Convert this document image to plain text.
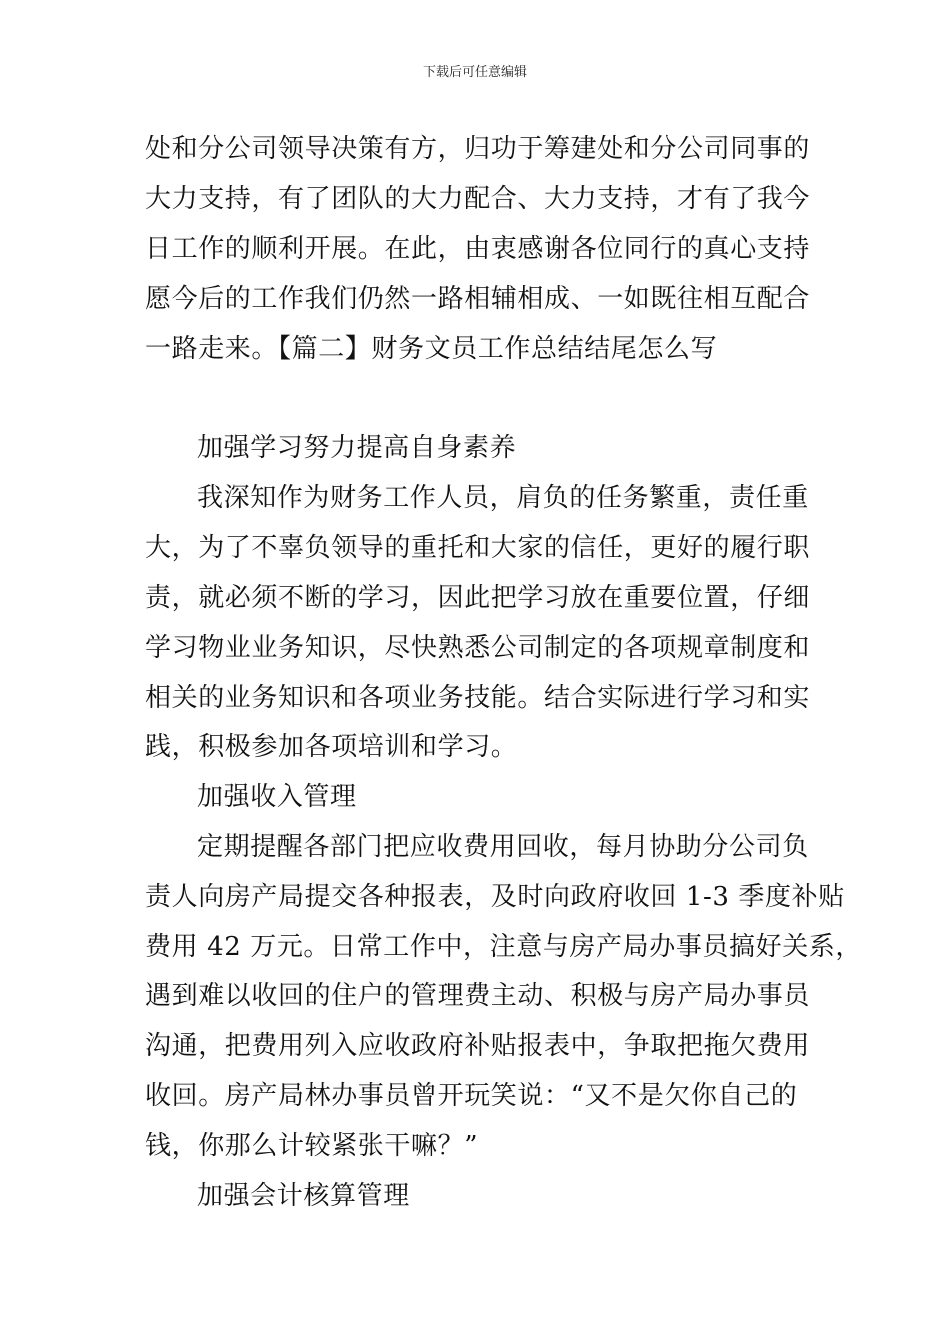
下载后可任意编辑
处和分公司领导决策有方，归功于筹建处和分公司同事的
大力支持，有了团队的大力配合、大力支持，才有了我今
日工作的顺利开展。在此，由衷感谢各位同行的真心支持
愿今后的工作我们仍然一路相辅相成、一如既往相互配合
一路走来。【篇二】财务文员工作总结结尾怎么写
加强学习努力提高自身素养
我深知作为财务工作人员，肩负的任务繁重，责任重
大，为了不辜负领导的重托和大家的信任，更好的履行职
责，就必须不断的学习，因此把学习放在重要位置，仔细
学习物业业务知识，尽快熟悉公司制定的各项规章制度和
相关的业务知识和各项业务技能。结合实际进行学习和实
践，积极参加各项培训和学习。
加强收入管理
定期提醒各部门把应收费用回收，每月协助分公司负
责人向房产局提交各种报表，及时向政府收回 1-3 季度补贴
费用 42 万元。日常工作中，注意与房产局办事员搞好关系，
遇到难以收回的住户的管理费主动、积极与房产局办事员
沟通，把费用列入应收政府补贴报表中，争取把拖欠费用
收回。房产局林办事员曾开玩笑说：“又不是欠你自己的
钱，你那么计较紧张干嘛？”
加强会计核算管理
